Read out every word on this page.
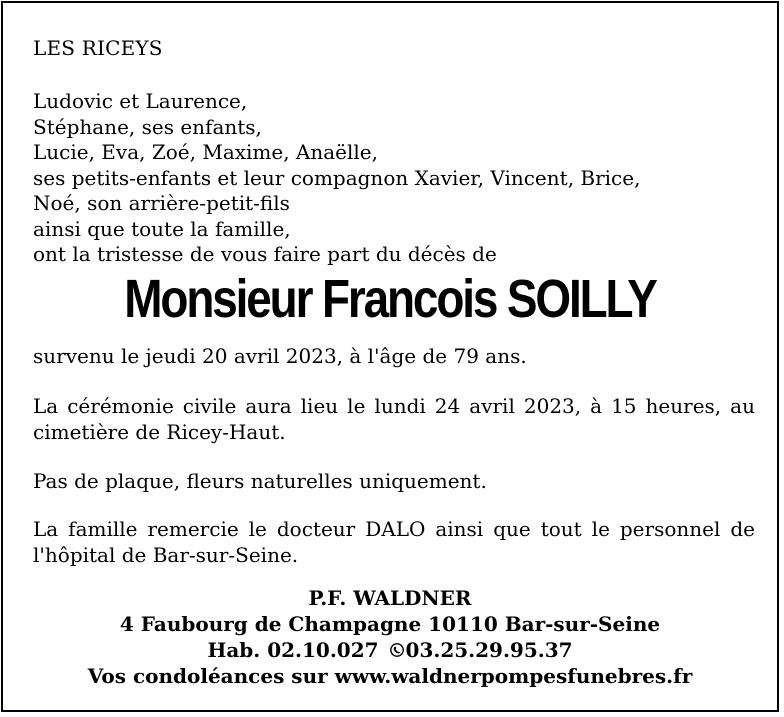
LES RICEYS
Ludovic et Laurence,
Stéphane, ses enfants,
Lucie, Eva, Zoé, Maxime, Anaëlle,
ses petits-enfants et leur compagnon Xavier, Vincent, Brice,
Noé, son arrière-petit-fils
ainsi que toute la famille,
ont la tristesse de vous faire part du décès de
Monsieur Francois SOILLY
survenu le jeudi 20 avril 2023, à l'âge de 79 ans.
La cérémonie civile aura lieu le lundi 24 avril 2023, à 15 heures, au cimetière de Ricey-Haut.
Pas de plaque, fleurs naturelles uniquement.
La famille remercie le docteur DALO ainsi que tout le personnel de l'hôpital de Bar-sur-Seine.
P.F. WALDNER
4 Faubourg de Champagne 10110 Bar-sur-Seine
Hab. 02.10.027 03.25.29.95.37
Vos condoléances sur www.waldnerpompesfunebres.fr
